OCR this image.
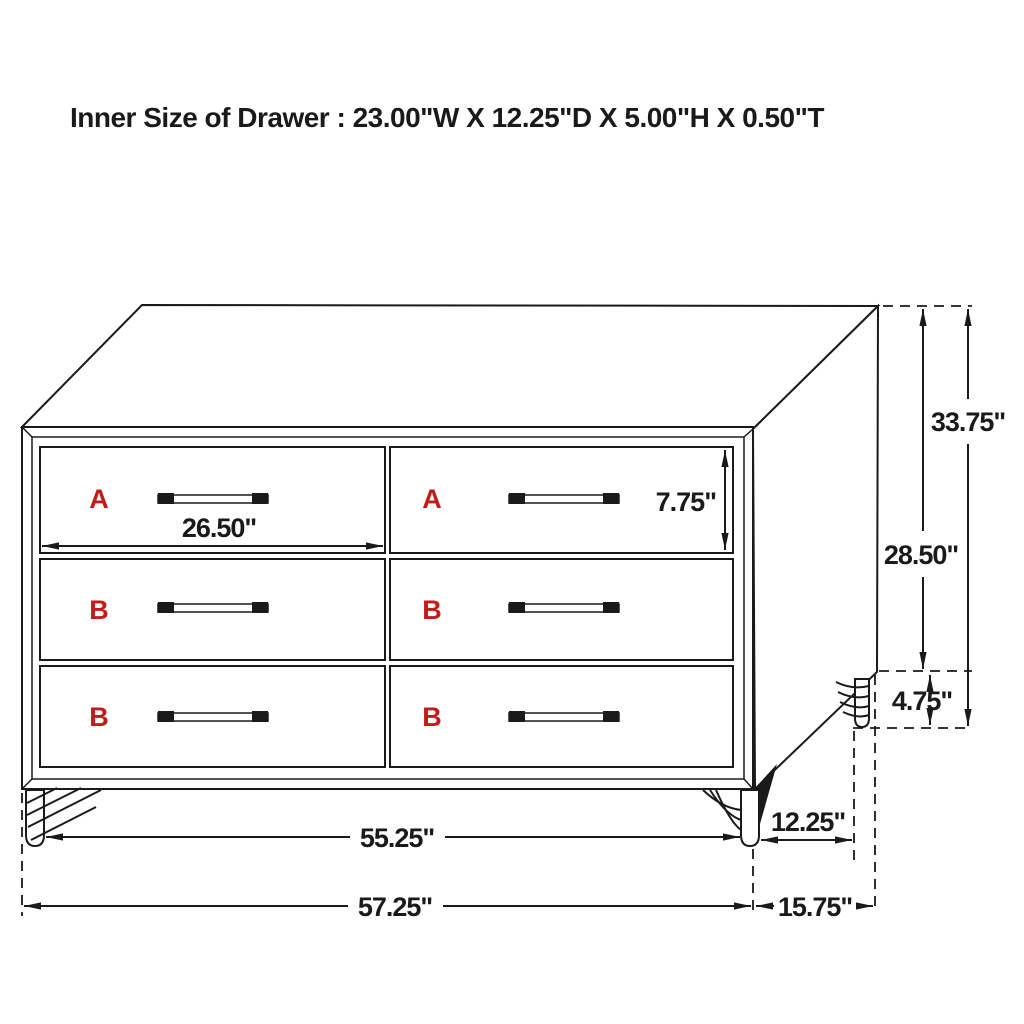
Inner Size of Drawer : 23.00"W X 12.25"D X 5.00"H X 0.50"T
A	A
B	B
B	B
26.50"
7.75"
28.50"
33.75"
4.75"
55.25"
12.25"
57.25"	15.75"
